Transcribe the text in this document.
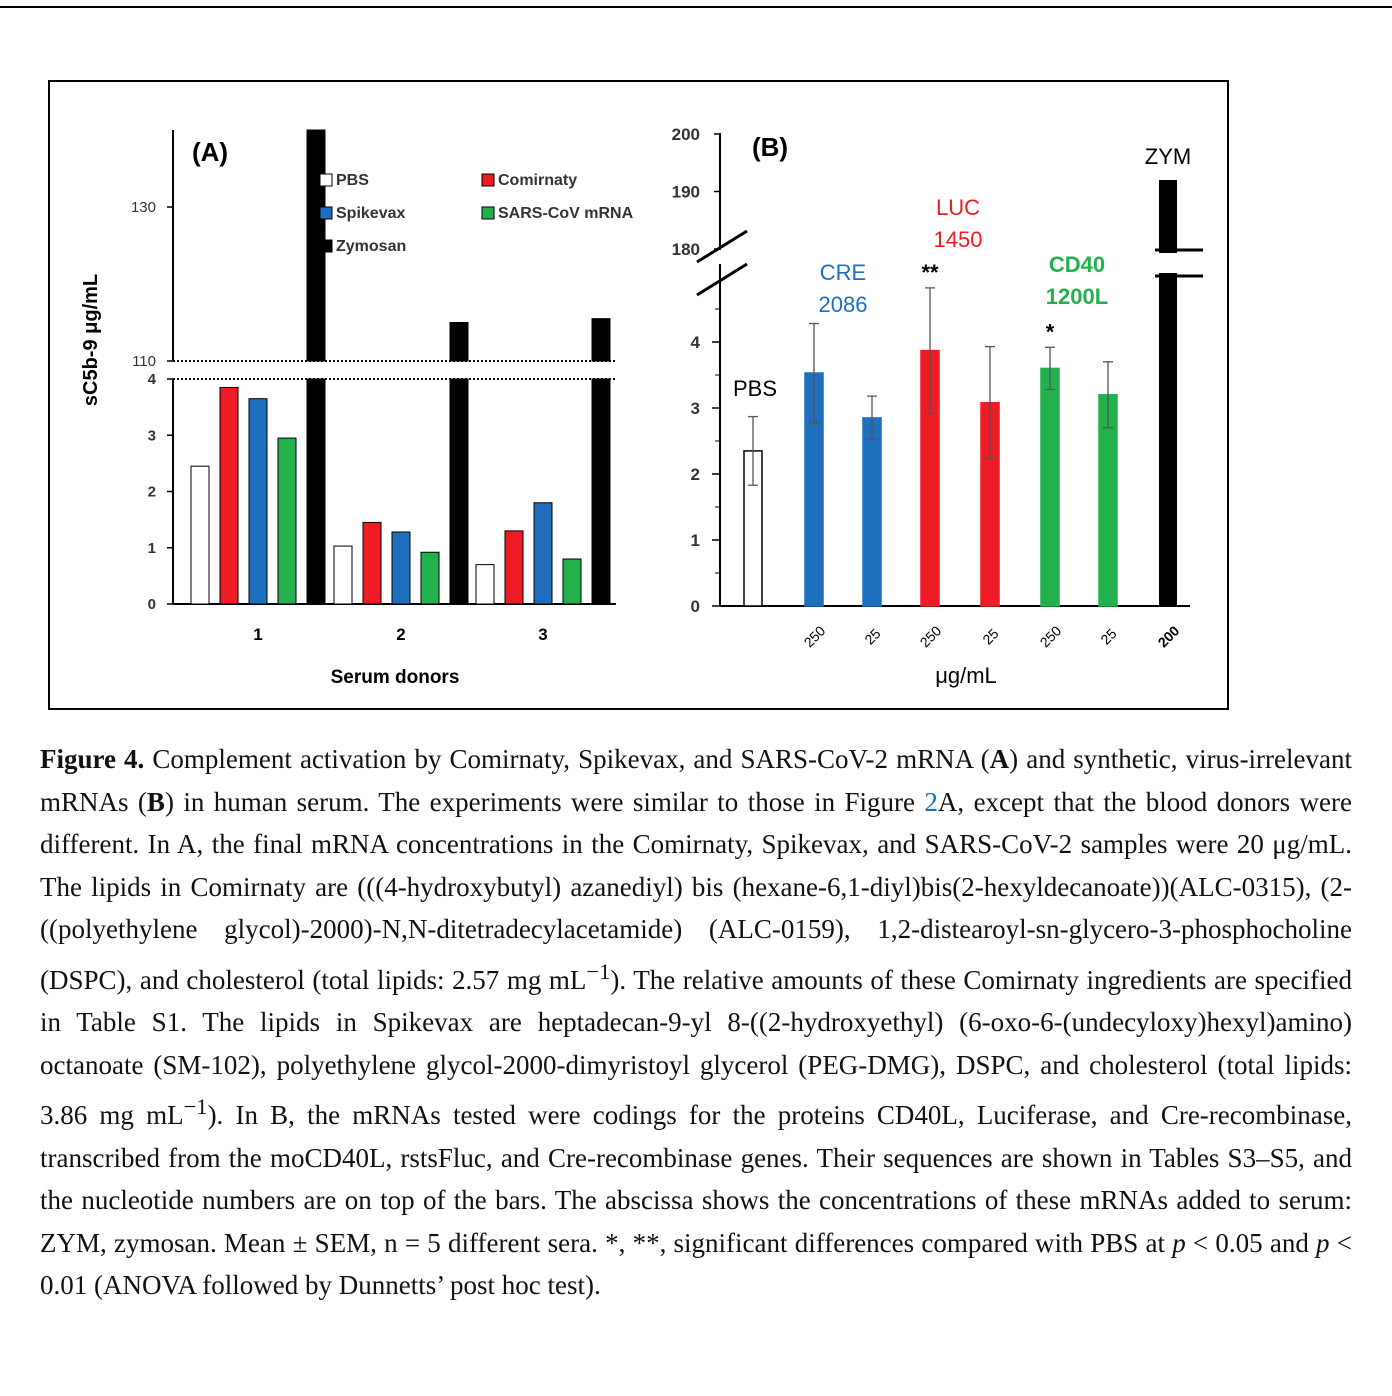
0
1
2
3
4
110
130
1	2	3
PBS	Comirnaty
Spikevax	SARS-CoV mRNA
Zymosan	180
190
200
0
1
2
3
4
250 25
**
250 25
*
250 25 200
PBS
CRE
2086
LUC
1450
CD40
1200L
ZYM
(A)	(B)
sC5b-9 μg/mL
Serum donors	μg/mL
Figure 4. Complement activation by Comirnaty, Spikevax, and SARS-CoV-2 mRNA (A) and synthetic, virus-irrelevant mRNAs (B) in human serum. The experiments were similar to those in Figure 2A, except that the blood donors were different. In A, the final mRNA concentrations in the Comirnaty, Spikevax, and SARS-CoV-2 samples were 20 μg/mL. The lipids in Comirnaty are (((4-hydroxybutyl) azanediyl) bis (hexane-6,1-diyl)bis(2-hexyldecanoate))(ALC-0315), (2-((polyethylene glycol)-2000)-N,N-ditetradecylacetamide) (ALC-0159), 1,2-distearoyl-sn-glycero-3-phosphocholine (DSPC), and cholesterol (total lipids: 2.57 mg $mL^{-1}$). The relative amounts of these Comirnaty ingredients are specified in Table S1. The lipids in Spikevax are heptadecan-9-yl 8-((2-hydroxyethyl) (6-oxo-6-(undecyloxy)hexyl)amino) octanoate (SM-102), polyethylene glycol-2000-dimyristoyl glycerol (PEG-DMG), DSPC, and cholesterol (total lipids: 3.86 mg $mL^{-1}$). In B, the mRNAs tested were codings for the proteins CD40L, Luciferase, and Cre-recombinase, transcribed from the moCD40L, rstsFluc, and Cre-recombinase genes. Their sequences are shown in Tables S3–S5, and the nucleotide numbers are on top of the bars. The abscissa shows the concentrations of these mRNAs added to serum: ZYM, zymosan. Mean ± SEM, n = 5 different sera. *, **, significant differences compared with PBS at p < 0.05 and p < 0.01 (ANOVA followed by Dunnetts’ post hoc test).
